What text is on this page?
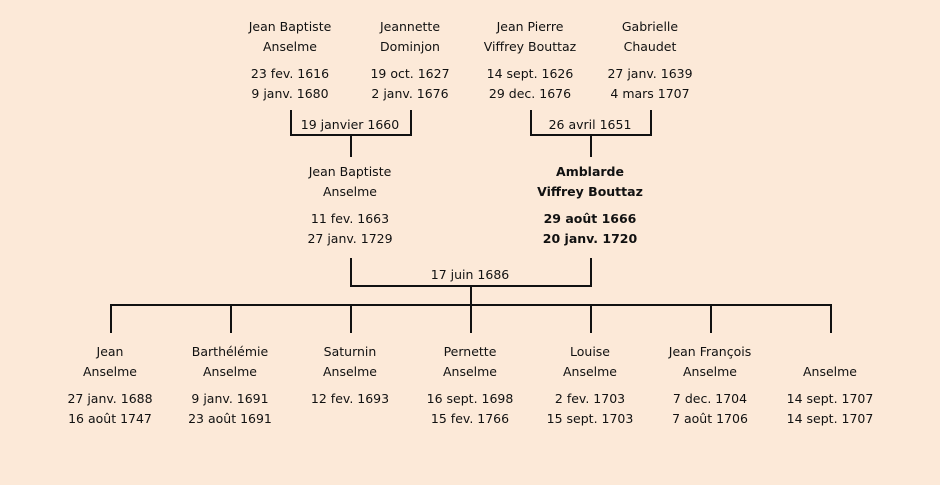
19 janvier 1660	26 avril 1651
17 juin 1686
Jean Baptiste
Anselme
23 fev. 1616
9 janv. 1680
Jeannette
Dominjon
19 oct. 1627
2 janv. 1676
Jean Pierre
Viffrey Bouttaz
14 sept. 1626
29 dec. 1676
Gabrielle
Chaudet
27 janv. 1639
4 mars 1707
Jean Baptiste
Anselme
11 fev. 1663
27 janv. 1729
Amblarde
Viffrey Bouttaz
29 août 1666
20 janv. 1720
Jean
Anselme
27 janv. 1688
16 août 1747
Barthélémie
Anselme
9 janv. 1691
23 août 1691
Saturnin
Anselme
12 fev. 1693

Pernette
Anselme
16 sept. 1698
15 fev. 1766
Louise
Anselme
2 fev. 1703
15 sept. 1703
Jean François
Anselme
7 dec. 1704
7 août 1706

Anselme
14 sept. 1707
14 sept. 1707
